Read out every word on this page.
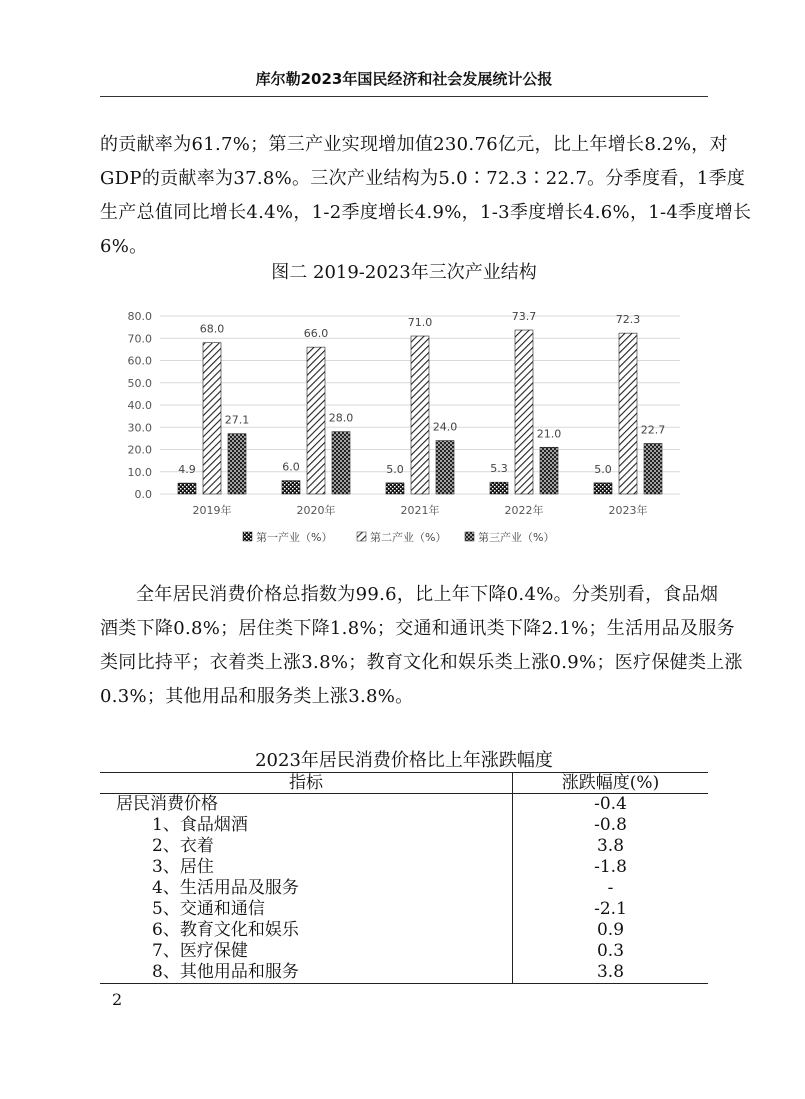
库尔勒2023年国民经济和社会发展统计公报
的贡献率为61.7%；第三产业实现增加值230.76亿元，比上年增长8.2%，对
GDP的贡献率为37.8%。三次产业结构为5.0∶72.3∶22.7。分季度看，1季度
生产总值同比增长4.4%，1-2季度增长4.9%，1-3季度增长4.6%，1-4季度增长
6%。
图二 2019-2023年三次产业结构
0.0
10.0
20.0
30.0
40.0
50.0
60.0
70.0
80.0
4.9
68.0
27.1
6.0
66.0
28.0
5.0
71.0
24.0
5.3
73.7
21.0
5.0
72.3
22.7
2019年	2020年	2021年	2022年	2023年
第一产业（%）	第二产业（%）	第三产业（%）
全年居民消费价格总指数为99.6，比上年下降0.4%。分类别看，食品烟
酒类下降0.8%；居住类下降1.8%；交通和通讯类下降2.1%；生活用品及服务
类同比持平；衣着类上涨3.8%；教育文化和娱乐类上涨0.9%；医疗保健类上涨
0.3%；其他用品和服务类上涨3.8%。
2023年居民消费价格比上年涨跌幅度
指标	涨跌幅度(%)
居民消费价格	-0.4
1、食品烟酒	-0.8
2、衣着	3.8
3、居住	-1.8
4、生活用品及服务	-
5、交通和通信	-2.1
6、教育文化和娱乐	0.9
7、医疗保健	0.3
8、其他用品和服务	3.8
2
